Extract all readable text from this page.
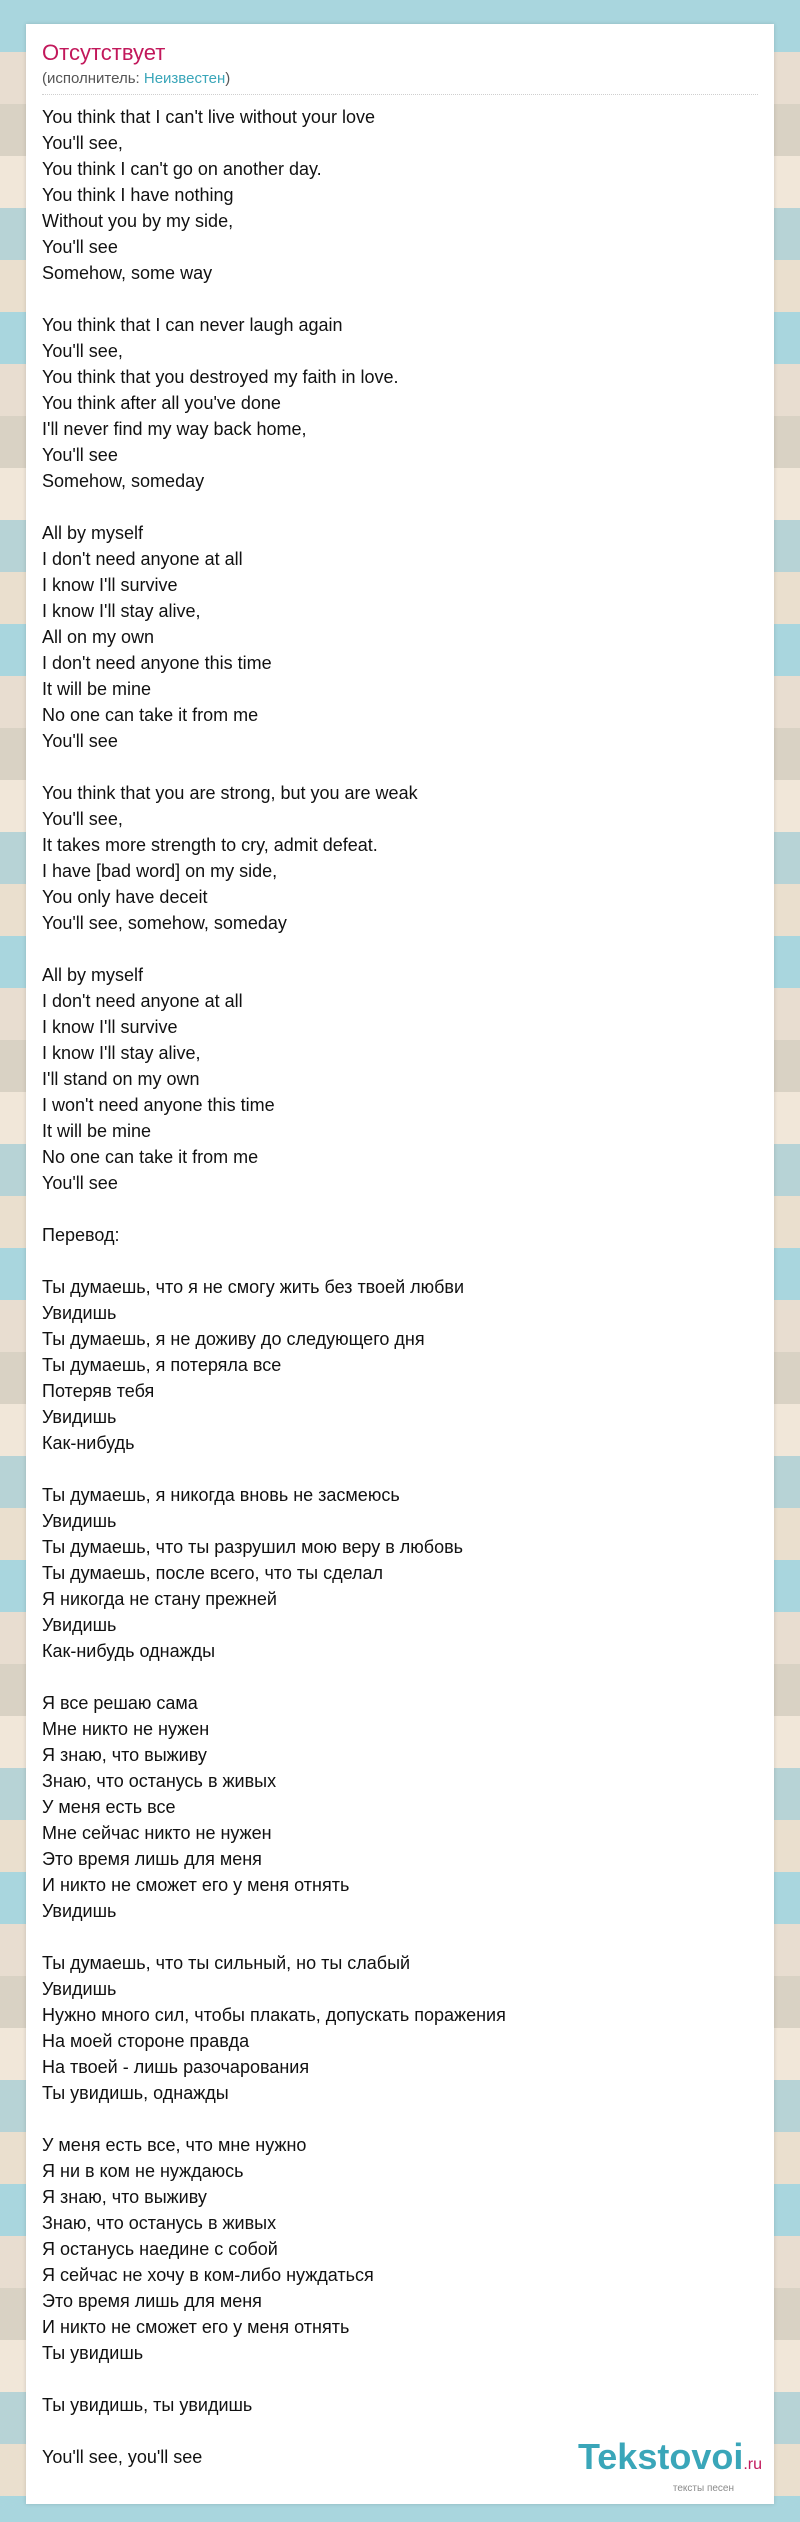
Отсутствует
(исполнитель: Неизвестен)
You think that I can't live without your love
You'll see,
You think I can't go on another day.
You think I have nothing
Without you by my side,
You'll see
Somehow, some way
You think that I can never laugh again
You'll see,
You think that you destroyed my faith in love.
You think after all you've done
I'll never find my way back home,
You'll see
Somehow, someday
All by myself
I don't need anyone at all
I know I'll survive
I know I'll stay alive,
All on my own
I don't need anyone this time
It will be mine
No one can take it from me
You'll see
You think that you are strong, but you are weak
You'll see,
It takes more strength to cry, admit defeat.
I have [bad word] on my side,
You only have deceit
You'll see, somehow, someday
All by myself
I don't need anyone at all
I know I'll survive
I know I'll stay alive,
I'll stand on my own
I won't need anyone this time
It will be mine
No one can take it from me
You'll see
Перевод:
Ты думаешь, что я не смогу жить без твоей любви
Увидишь
Ты думаешь, я не доживу до следующего дня
Ты думаешь, я потеряла все
Потеряв тебя
Увидишь
Как-нибудь
Ты думаешь, я никогда вновь не засмеюсь
Увидишь
Ты думаешь, что ты разрушил мою веру в любовь
Ты думаешь, после всего, что ты сделал
Я никогда не стану прежней
Увидишь
Как-нибудь однажды
Я все решаю сама
Мне никто не нужен
Я знаю, что выживу
Знаю, что останусь в живых
У меня есть все
Мне сейчас никто не нужен
Это время лишь для меня
И никто не сможет его у меня отнять
Увидишь
Ты думаешь, что ты сильный, но ты слабый
Увидишь
Нужно много сил, чтобы плакать, допускать поражения
На моей стороне правда
На твоей - лишь разочарования
Ты увидишь, однажды
У меня есть все, что мне нужно
Я ни в ком не нуждаюсь
Я знаю, что выживу
Знаю, что останусь в живых
Я останусь наедине с собой
Я сейчас не хочу в ком-либо нуждаться
Это время лишь для меня
И никто не сможет его у меня отнять
Ты увидишь
Ты увидишь, ты увидишь
You'll see, you'll see	Tekstovoi.ru
тексты песен
